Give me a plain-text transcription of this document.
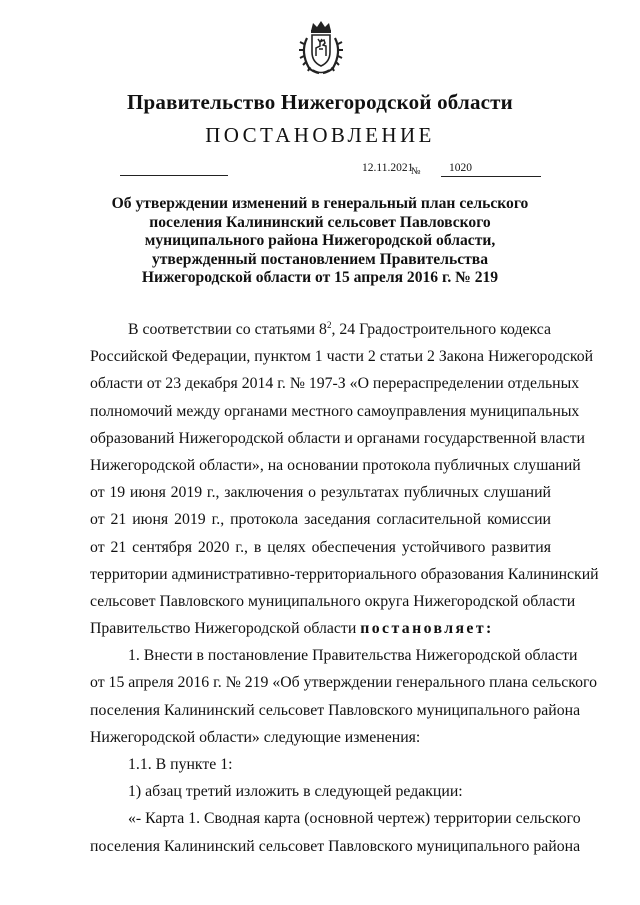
Правительство Нижегородской области
ПОСТАНОВЛЕНИЕ
12.11.2021
№ 1020
Об утверждении изменений в генеральный план сельского
поселения Калининский сельсовет Павловского
муниципального района Нижегородской области,
утвержденный постановлением Правительства
Нижегородской области от 15 апреля 2016 г. № 219
В соответствии со статьями $8^2$, 24 Градостроительного кодекса
Российской Федерации, пунктом 1 части 2 статьи 2 Закона Нижегородской
области от 23 декабря 2014 г. № 197-З «О перераспределении отдельных
полномочий между органами местного самоуправления муниципальных
образований Нижегородской области и органами государственной власти
Нижегородской области», на основании протокола публичных слушаний
от 19 июня 2019 г., заключения о результатах публичных слушаний
от 21 июня 2019 г., протокола заседания согласительной комиссии
от 21 сентября 2020 г., в целях обеспечения устойчивого развития
территории административно-территориального образования Калининский
сельсовет Павловского муниципального округа Нижегородской области
Правительство Нижегородской области постановляет:
1. Внести в постановление Правительства Нижегородской области
от 15 апреля 2016 г. № 219 «Об утверждении генерального плана сельского
поселения Калининский сельсовет Павловского муниципального района
Нижегородской области» следующие изменения:
1.1. В пункте 1:
1) абзац третий изложить в следующей редакции:
«- Карта 1. Сводная карта (основной чертеж) территории сельского
поселения Калининский сельсовет Павловского муниципального района
